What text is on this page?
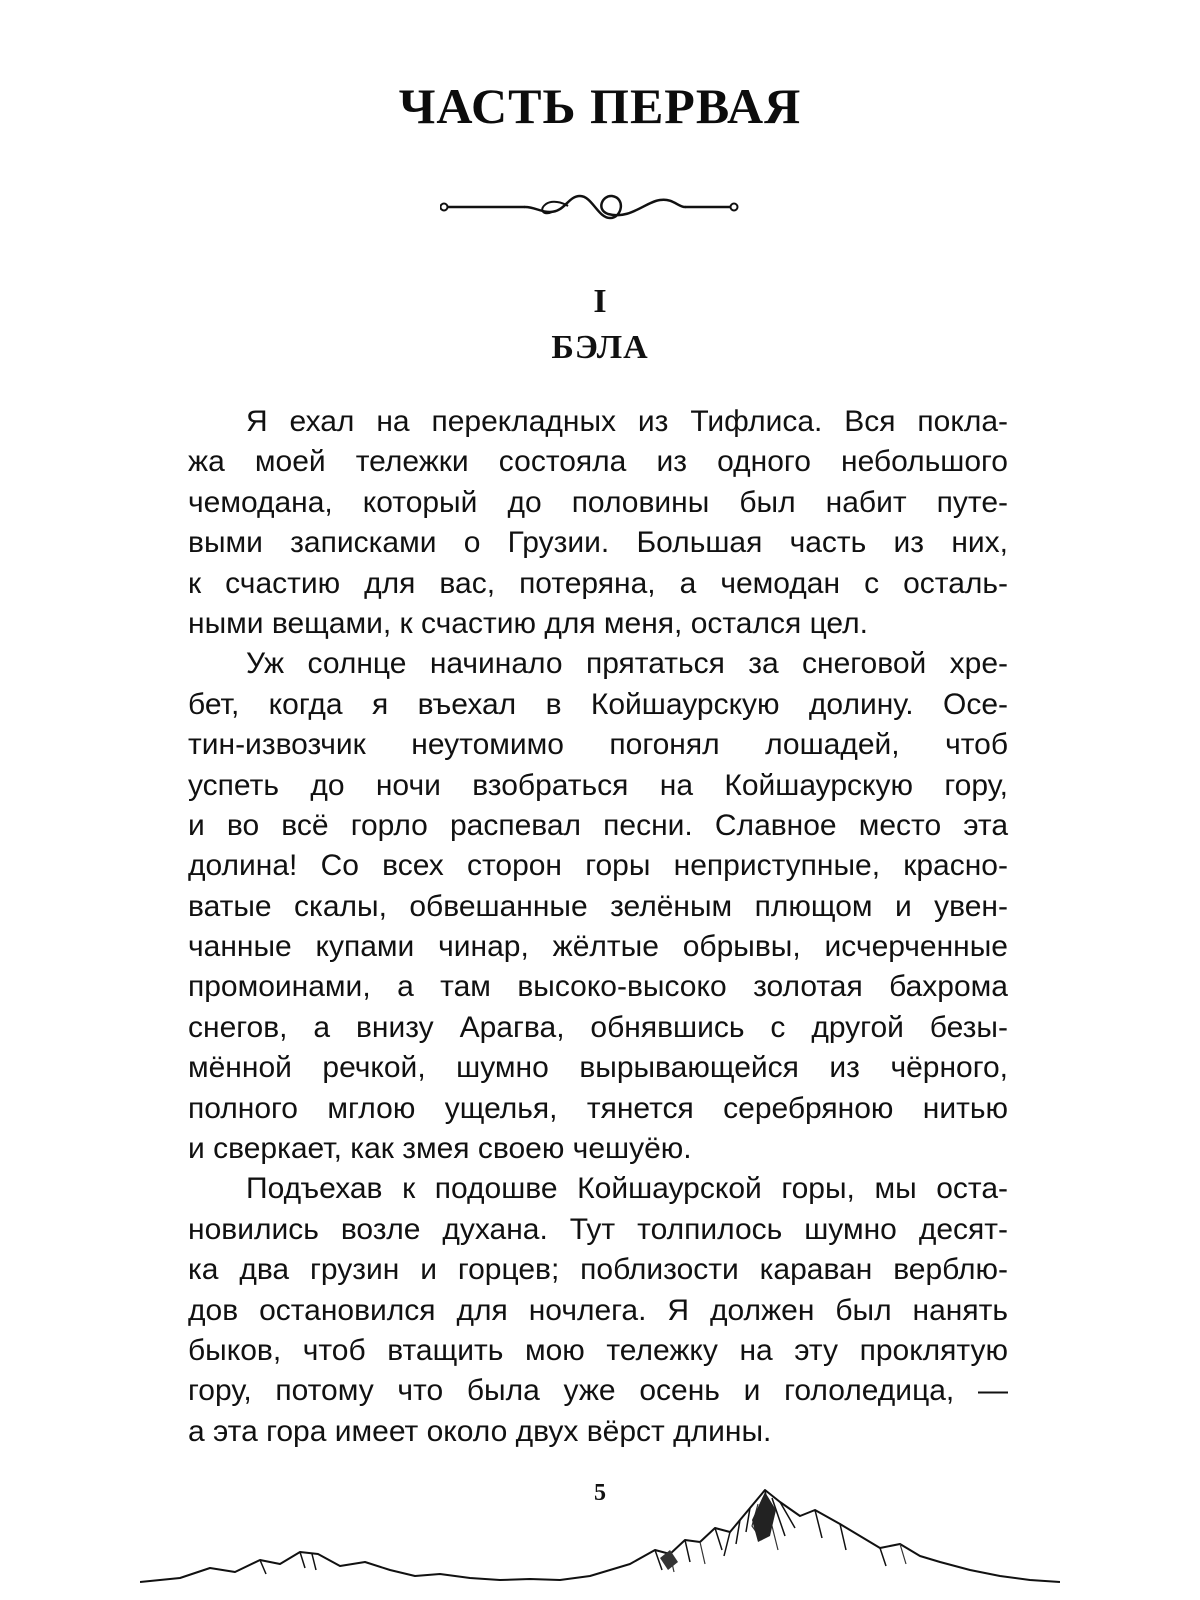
ЧАСТЬ ПЕРВАЯ
I
БЭЛА
Я ехал на перекладных из Тифлиса. Вся покла-
жа моей тележки состояла из одного небольшого
чемодана, который до половины был набит путе-
выми записками о Грузии. Большая часть из них,
к счастию для вас, потеряна, а чемодан с осталь-
ными вещами, к счастию для меня, остался цел.
Уж солнце начинало прятаться за снеговой хре-
бет, когда я въехал в Койшаурскую долину. Осе-
тин-извозчик неутомимо погонял лошадей, чтоб
успеть до ночи взобраться на Койшаурскую гору,
и во всё горло распевал песни. Славное место эта
долина! Со всех сторон горы неприступные, красно-
ватые скалы, обвешанные зелёным плющом и увен-
чанные купами чинар, жёлтые обрывы, исчерченные
промоинами, а там высоко-высоко золотая бахрома
снегов, а внизу Арагва, обнявшись с другой безы-
мённой речкой, шумно вырывающейся из чёрного,
полного мглою ущелья, тянется серебряною нитью
и сверкает, как змея своею чешуёю.
Подъехав к подошве Койшаурской горы, мы оста-
новились возле духана. Тут толпилось шумно десят-
ка два грузин и горцев; поблизости караван верблю-
дов остановился для ночлега. Я должен был нанять
быков, чтоб втащить мою тележку на эту проклятую
гору, потому что была уже осень и гололедица, —
а эта гора имеет около двух вёрст длины.
5
